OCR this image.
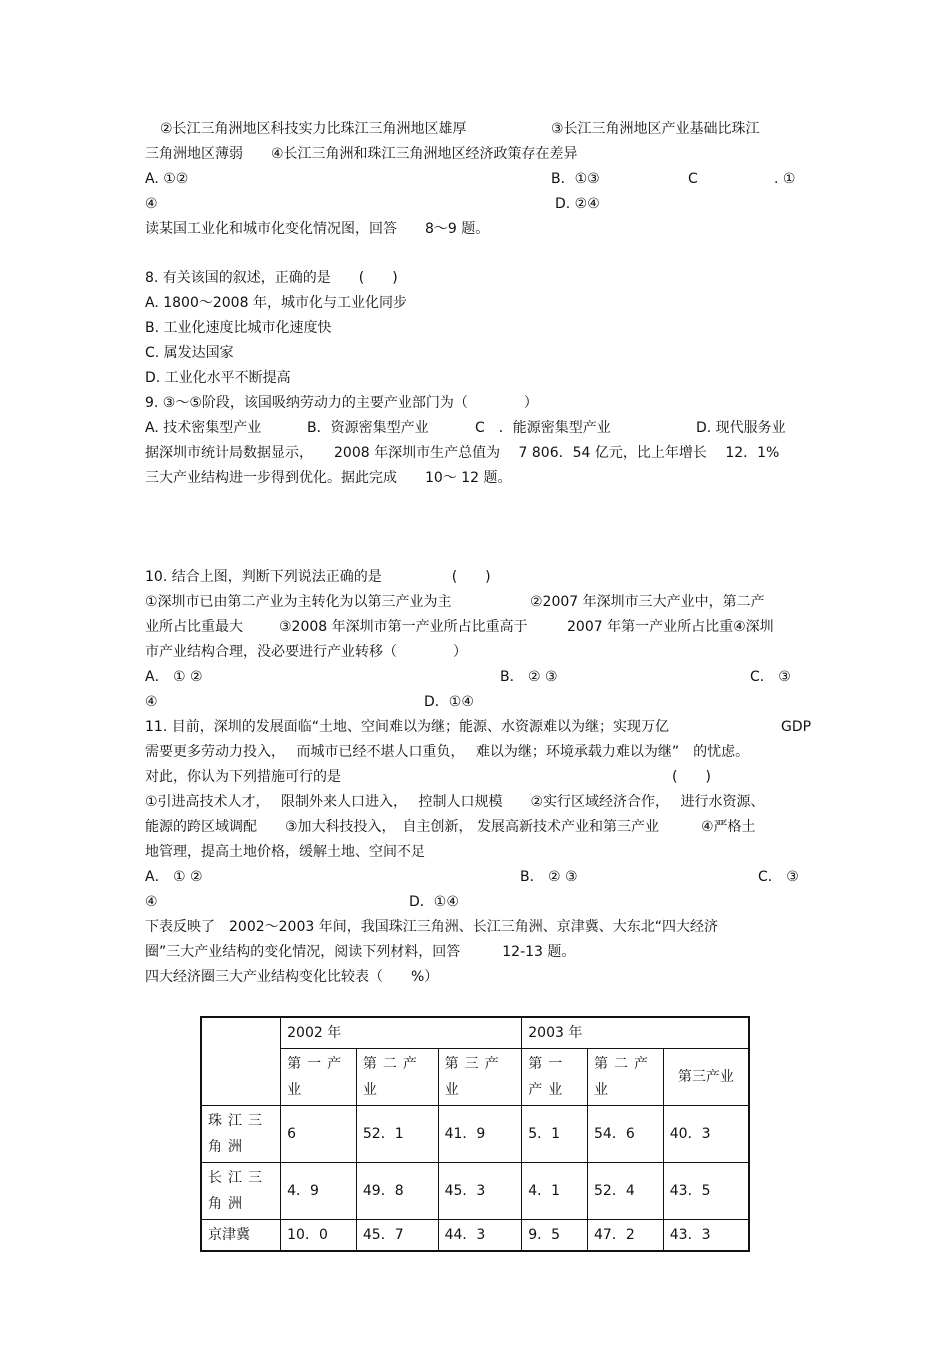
②长江三角洲地区科技实力比珠江三角洲地区雄厚	③长江三角洲地区产业基础比珠江
三角洲地区薄弱　　④长江三角洲和珠江三角洲地区经济政策存在差异
A. ①②	B．①③	C	. ①
④	D. ②④
读某国工业化和城市化变化情况图，回答　　8～9 题。
8. 有关该国的叙述，正确的是　　(　　)
A. 1800～2008 年，城市化与工业化同步
B. 工业化速度比城市化速度快
C. 属发达国家
D. 工业化水平不断提高
9. ③～⑤阶段，该国吸纳劳动力的主要产业部门为（　　　　）
A. 技术密集型产业	B．资源密集型产业	C　．能源密集型产业	D. 现代服务业
据深圳市统计局数据显示，　　2008 年深圳市生产总值为　 7 806．54 亿元，比上年增长　 12．1%
三大产业结构进一步得到优化。据此完成　　10～ 12 题。
10. 结合上图，判断下列说法正确的是　　　　　(　　)
①深圳市已由第二产业为主转化为以第三产业为主	②2007 年深圳市三大产业中，第二产
业所占比重最大	③2008 年深圳市第一产业所占比重高于	2007 年第一产业所占比重④深圳
市产业结构合理，没必要进行产业转移（　　　　）
A． ① ②	B． ② ③	C． ③
④	D．①④
11. 目前，深圳的发展面临“土地、空间难以为继；能源、水资源难以为继；实现万亿	GDP
需要更多劳动力投入，　 而城市已经不堪人口重负，　 难以为继；环境承载力难以为继”　的忧虑。
对此，你认为下列措施可行的是	(　　)
①引进高技术人才，　 限制外来人口进入，　 控制人口规模　　②实行区域经济合作，　 进行水资源、
能源的跨区域调配　　③加大科技投入，　自主创新， 发展高新技术产业和第三产业　　　④严格土
地管理，提高土地价格，缓解土地、空间不足
A． ① ②	B． ② ③	C． ③
④	D．①④
下表反映了　2002～2003 年间，我国珠江三角洲、长江三角洲、京津冀、大东北“四大经济
圈”三大产业结构的变化情况，阅读下列材料，回答　　　12-13 题。
四大经济圈三大产业结构变化比较表（　　%）
	2002 年			2003 年		
	第一产业	第二产业	第三产业	第一产业	第二产业	第三产业
珠江三角洲	6	52．1	41．9	5．1	54．6	40．3
长江三角洲	4．9	49．8	45．3	4．1	52．4	43．5
京津冀	10．0	45．7	44．3	9．5	47．2	43．3
